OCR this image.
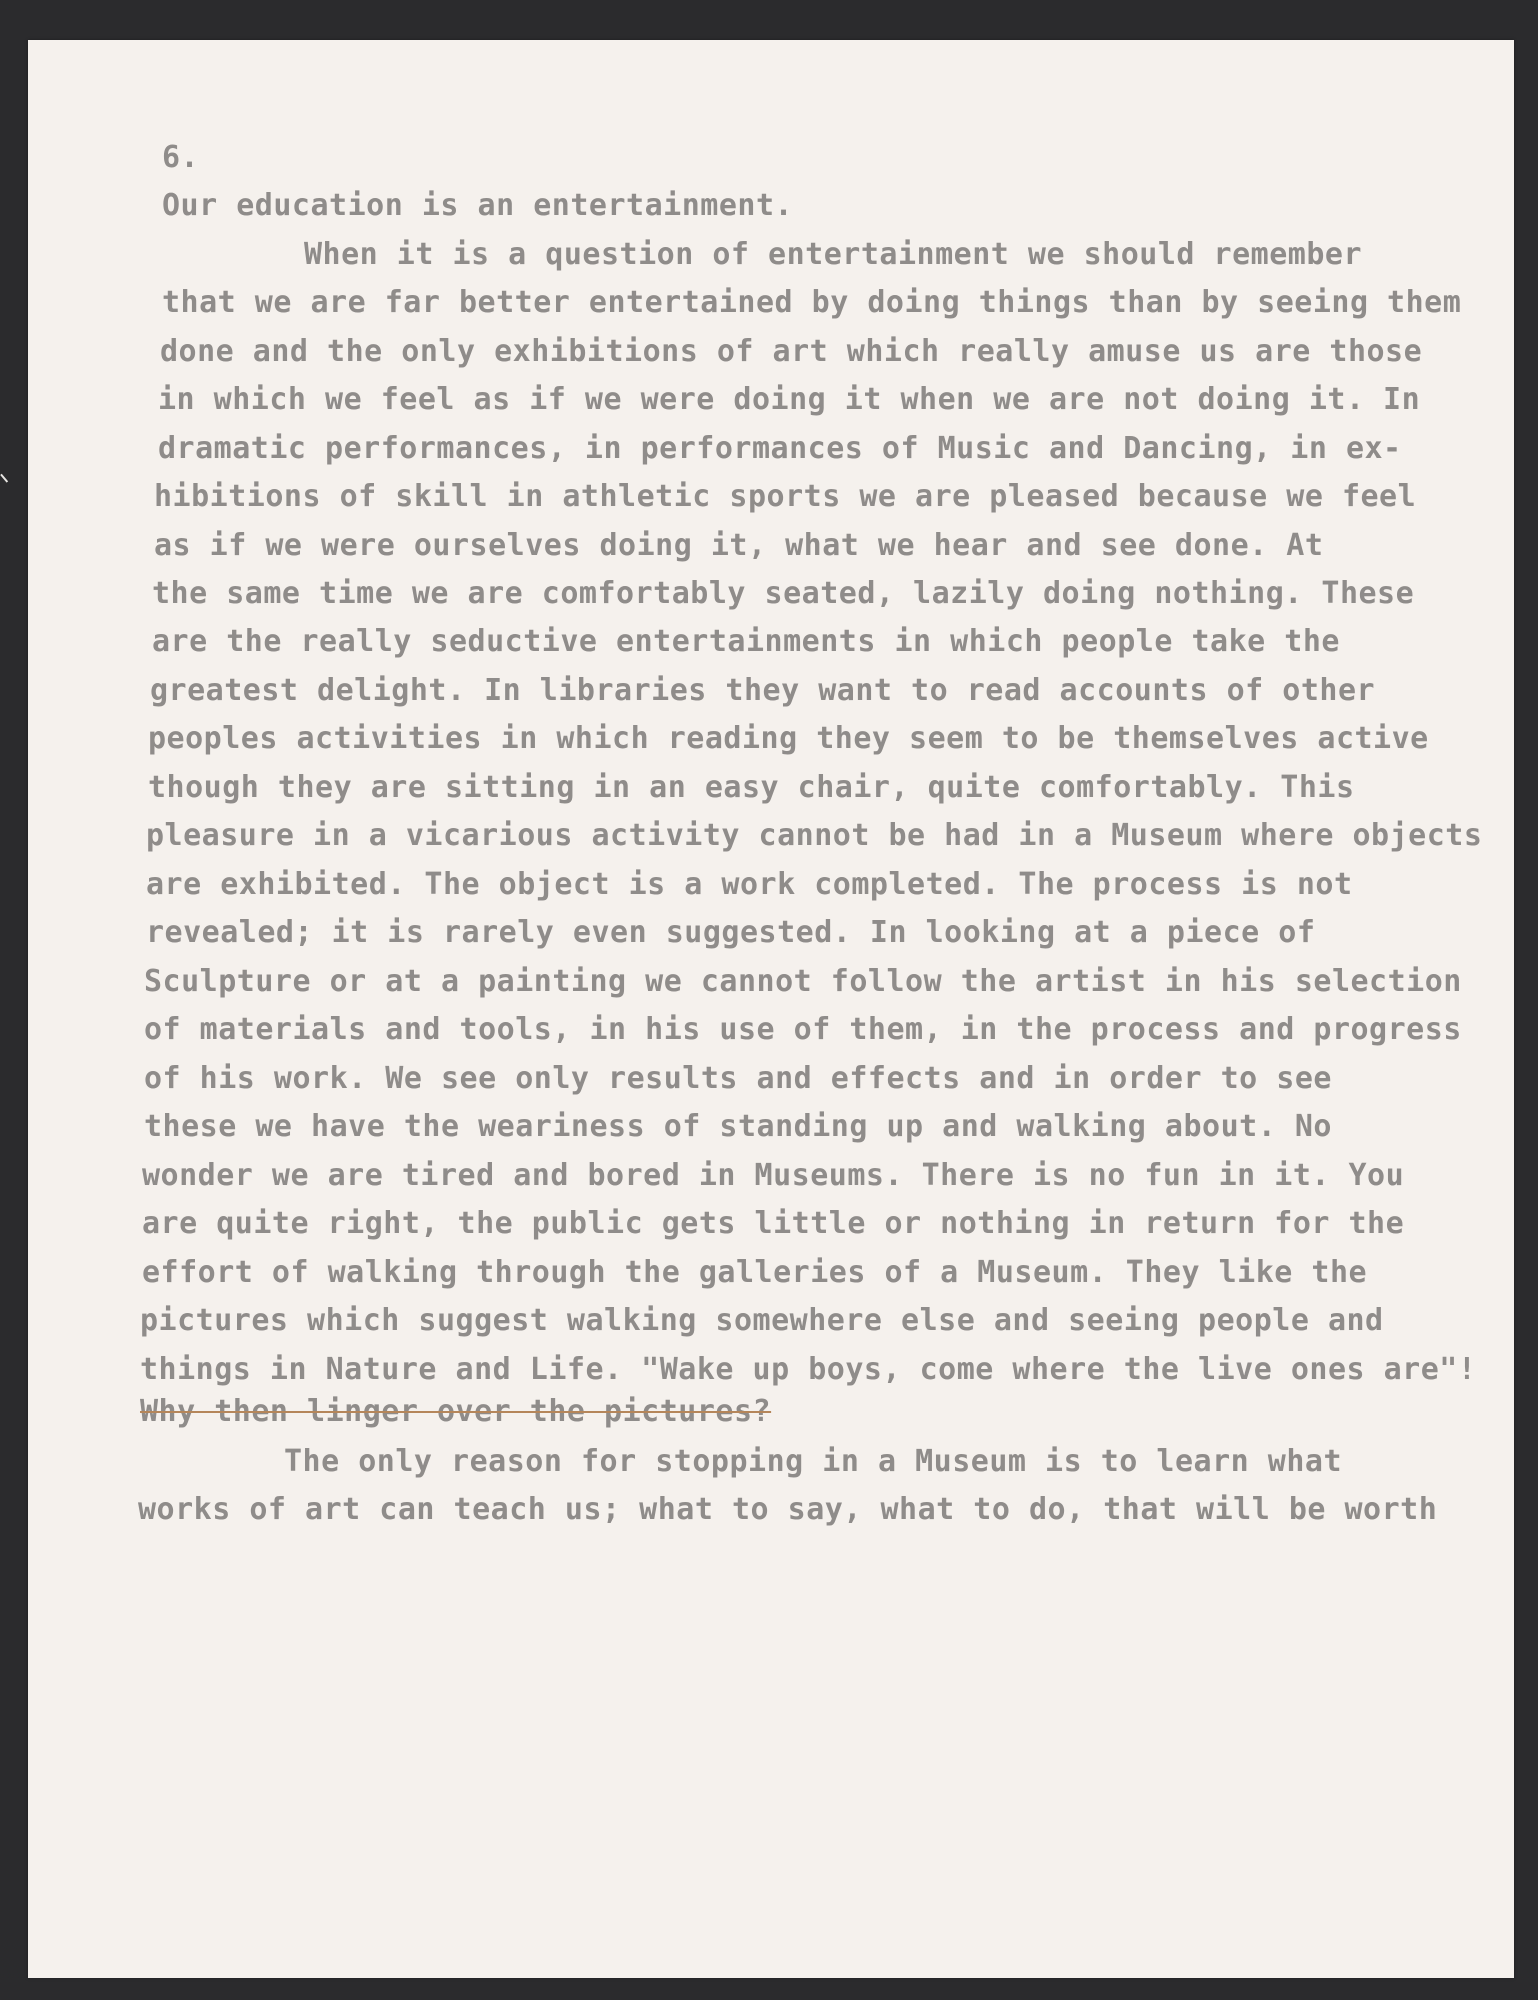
6.
Our education is an entertainment.
When it is a question of entertainment we should remember
that we are far better entertained by doing things than by seeing them
done and the only exhibitions of art which really amuse us are those
in which we feel as if we were doing it when we are not doing it. In
dramatic performances, in performances of Music and Dancing, in ex-
hibitions of skill in athletic sports we are pleased because we feel
as if we were ourselves doing it, what we hear and see done. At
the same time we are comfortably seated, lazily doing nothing. These
are the really seductive entertainments in which people take the
greatest delight. In libraries they want to read accounts of other
peoples activities in which reading they seem to be themselves active
though they are sitting in an easy chair, quite comfortably. This
pleasure in a vicarious activity cannot be had in a Museum where objects
are exhibited. The object is a work completed. The process is not
revealed; it is rarely even suggested. In looking at a piece of
Sculpture or at a painting we cannot follow the artist in his selection
of materials and tools, in his use of them, in the process and progress
of his work. We see only results and effects and in order to see
these we have the weariness of standing up and walking about. No
wonder we are tired and bored in Museums. There is no fun in it. You
are quite right, the public gets little or nothing in return for the
effort of walking through the galleries of a Museum. They like the
pictures which suggest walking somewhere else and seeing people and
things in Nature and Life. "Wake up boys, come where the live ones are"!
Why then linger over the pictures?
The only reason for stopping in a Museum is to learn what
works of art can teach us; what to say, what to do, that will be worth
